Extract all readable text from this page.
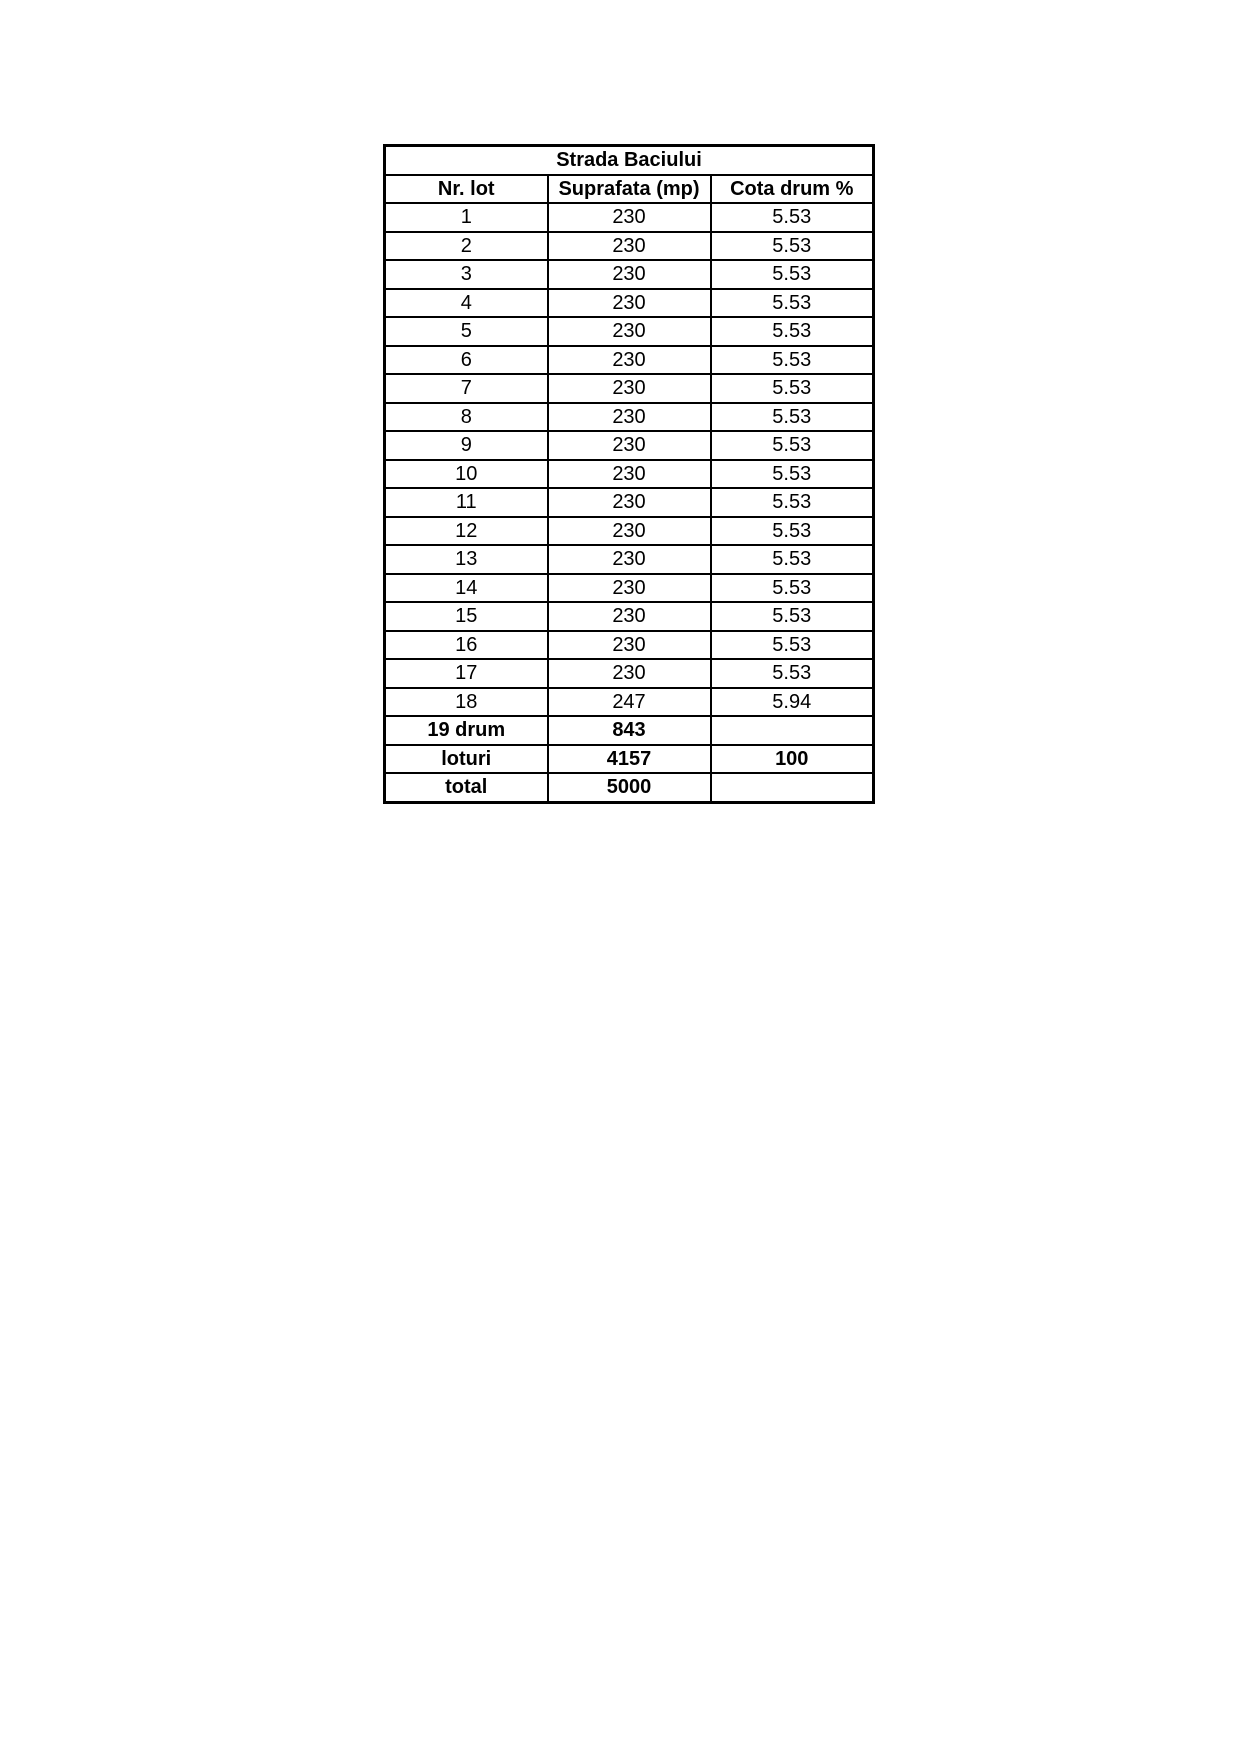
Strada Baciului		
Nr. lot	Suprafata (mp)	Cota drum %
1	230	5.53
2	230	5.53
3	230	5.53
4	230	5.53
5	230	5.53
6	230	5.53
7	230	5.53
8	230	5.53
9	230	5.53
10	230	5.53
11	230	5.53
12	230	5.53
13	230	5.53
14	230	5.53
15	230	5.53
16	230	5.53
17	230	5.53
18	247	5.94
19 drum	843	
loturi	4157	100
total	5000	
